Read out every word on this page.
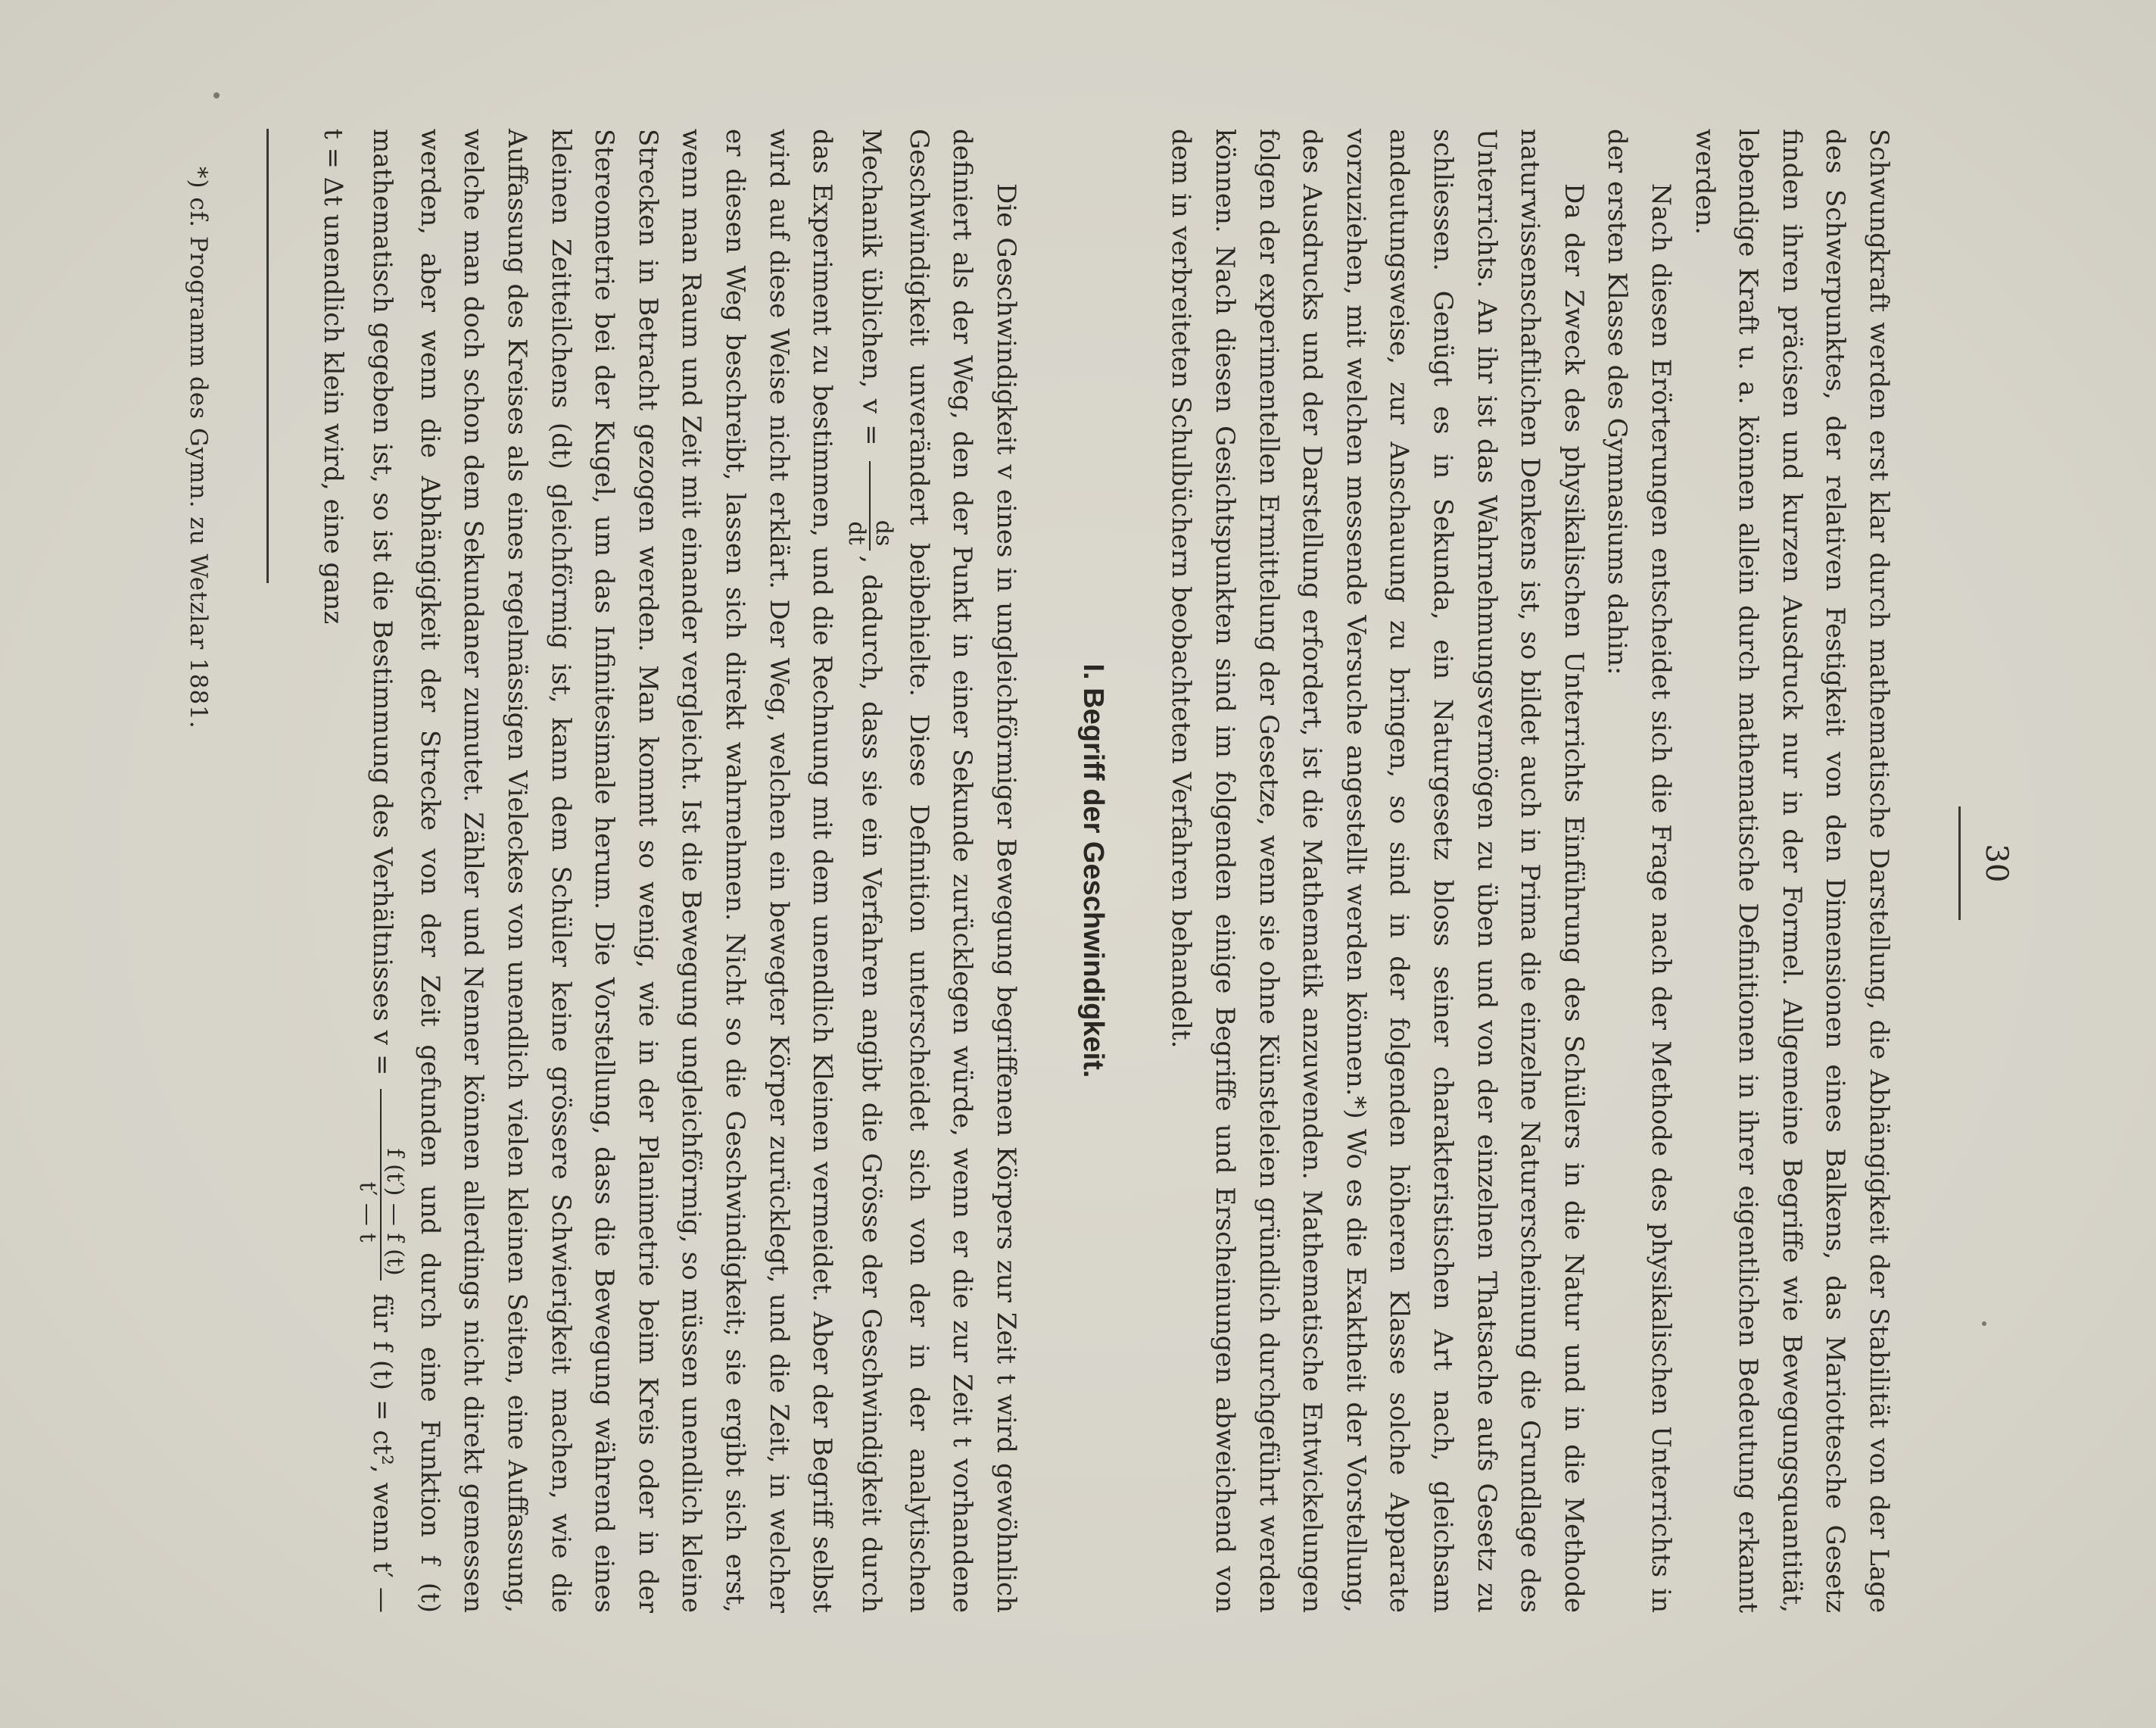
30

Schwungkraft werden erst klar durch mathematische Darstellung, die Abhängigkeit der Stabilität von der Lage des Schwerpunktes, der relativen Festigkeit von den Dimensionen eines Balkens, das Mariottesche Gesetz finden ihren präcisen und kurzen Ausdruck nur in der Formel. Allgemeine Begriffe wie Bewegungsquantität, lebendige Kraft u. a. können allein durch mathematische Definitionen in ihrer eigentlichen Bedeutung erkannt werden.

Nach diesen Erörterungen entscheidet sich die Frage nach der Methode des physikalischen Unterrichts in der ersten Klasse des Gymnasiums dahin:

Da der Zweck des physikalischen Unterrichts Einführung des Schülers in die Natur und in die Methode naturwissenschaftlichen Denkens ist, so bildet auch in Prima die einzelne Naturerscheinung die Grundlage des Unterrichts. An ihr ist das Wahrnehmungsvermögen zu üben und von der einzelnen Thatsache aufs Gesetz zu schliessen. Genügt es in Sekunda, ein Naturgesetz bloss seiner charakteristischen Art nach, gleichsam andeutungsweise, zur Anschauung zu bringen, so sind in der folgenden höheren Klasse solche Apparate vorzuziehen, mit welchen messende Versuche angestellt werden können.*) Wo es die Exaktheit der Vorstellung, des Ausdrucks und der Darstellung erfordert, ist die Mathematik anzuwenden. Mathematische Entwickelungen folgen der experimentellen Ermittelung der Gesetze, wenn sie ohne Künsteleien gründlich durchgeführt werden können. Nach diesen Gesichtspunkten sind im folgenden einige Begriffe und Erscheinungen abweichend von dem in verbreiteten Schulbüchern beobachteten Verfahren behandelt.

I. Begriff der Geschwindigkeit.

Die Geschwindigkeit v eines in ungleichförmiger Bewegung begriffenen Körpers zur Zeit t wird gewöhnlich definiert als der Weg, den der Punkt in einer Sekunde zurücklegen würde, wenn er die zur Zeit t vorhandene Geschwindigkeit unverändert beibehielte. Diese Definition unterscheidet sich von der in der analytischen Mechanik üblichen, v =
ds
dt
, dadurch, dass sie ein Verfahren angibt die Grösse der Geschwindigkeit durch das Experiment zu bestimmen, und die Rechnung mit dem unendlich Kleinen vermeidet. Aber der Begriff selbst wird auf diese Weise nicht erklärt. Der Weg, welchen ein bewegter Körper zurücklegt, und die Zeit, in welcher er diesen Weg beschreibt, lassen sich direkt wahrnehmen. Nicht so die Geschwindigkeit; sie ergibt sich erst, wenn man Raum und Zeit mit einander vergleicht. Ist die Bewegung ungleichförmig, so müssen unendlich kleine Strecken in Betracht gezogen werden. Man kommt so wenig, wie in der Planimetrie beim Kreis oder in der Stereometrie bei der Kugel, um das Infinitesimale herum. Die Vorstellung, dass die Bewegung während eines kleinen Zeitteilchens (dt) gleichförmig ist, kann dem Schüler keine grössere Schwierigkeit machen, wie die Auffassung des Kreises als eines regelmässigen Vieleckes von unendlich vielen kleinen Seiten, eine Auffassung, welche man doch schon dem Sekundaner zumutet. Zähler und Nenner können allerdings nicht direkt gemessen werden, aber wenn die Abhängigkeit der Strecke von der Zeit gefunden und durch eine Funktion f (t) mathematisch gegeben ist, so ist die Bestimmung des Verhältnisses v =
f (t′) — f (t)
t′ — t
für f (t) = ct², wenn t′ — t = Δt unendlich klein wird, eine ganz

*) cf. Programm des Gymn. zu Wetzlar 1881.
